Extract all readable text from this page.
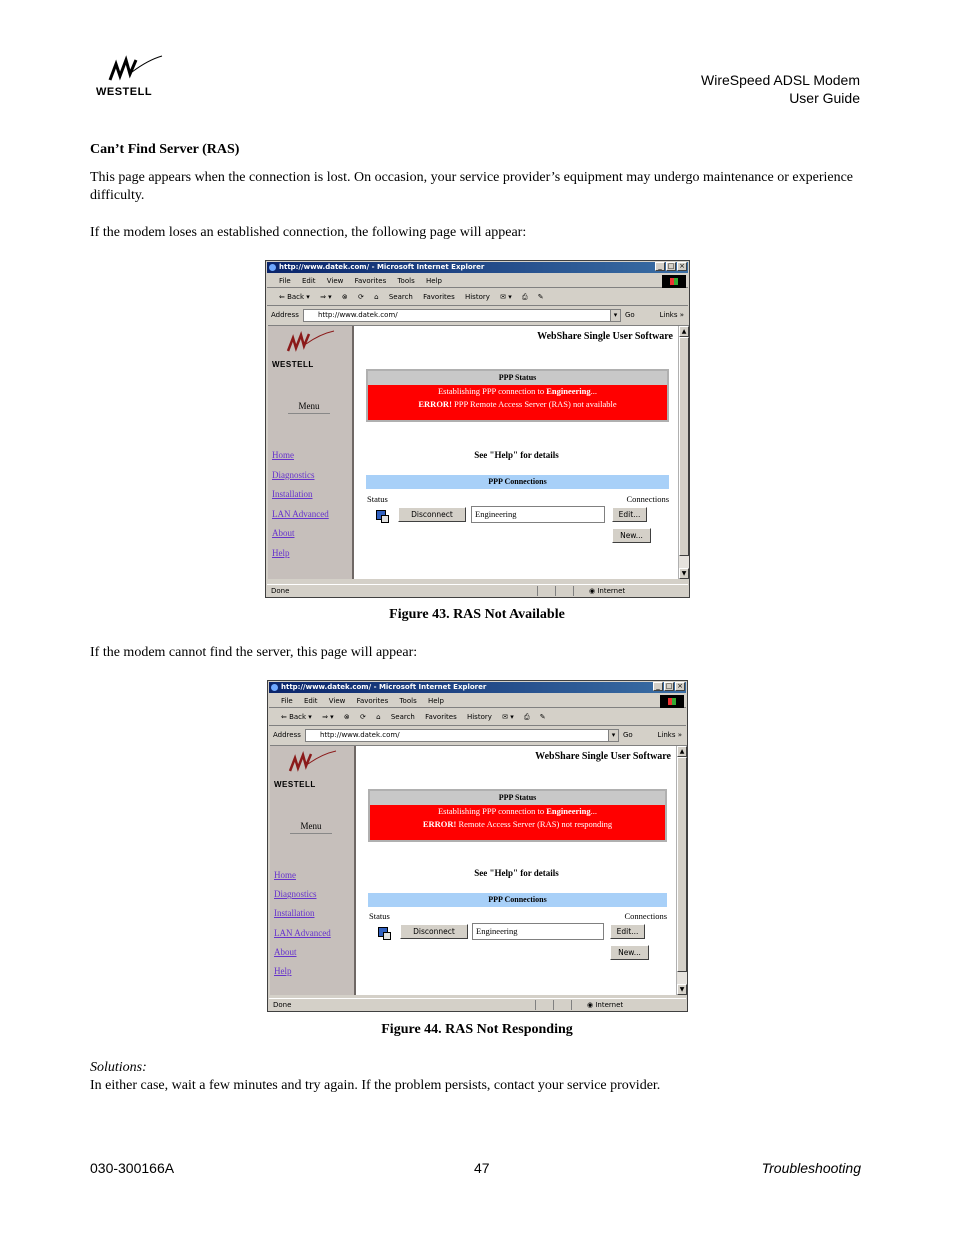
WESTELL
WireSpeed ADSL Modem
User Guide
Can’t Find Server (RAS)
This page appears when the connection is lost. On occasion, your service provider’s equipment may undergo maintenance or experience difficulty.
If the modem loses an established connection, the following page will appear:
http://www.datek.com/ - Microsoft Internet Explorer	_ □ ×
File Edit View Favorites Tools Help
⇐ Back ▾ ⇒ ▾ ⊗ ⟳ ⌂ Search Favorites History ✉ ▾ ⎙ ✎
Address	http://www.datek.com/	▾	Go	Links »
WESTELL
Menu
Home
Diagnostics
Installation
LAN Advanced
About
Help
WebShare Single User Software
PPP Status
Establishing PPP connection to Engineering...
ERROR! PPP Remote Access Server (RAS) not available
See "Help" for details
PPP Connections
Status	Connections
Disconnect	Engineering	Edit...
New...
▲
▼
Done	◉ Internet
Figure 43. RAS Not Available
If the modem cannot find the server, this page will appear:
http://www.datek.com/ - Microsoft Internet Explorer	_ □ ×
File Edit View Favorites Tools Help
⇐ Back ▾ ⇒ ▾ ⊗ ⟳ ⌂ Search Favorites History ✉ ▾ ⎙ ✎
Address	http://www.datek.com/	▾	Go	Links »
WESTELL
Menu
Home
Diagnostics
Installation
LAN Advanced
About
Help
WebShare Single User Software
PPP Status
Establishing PPP connection to Engineering...
ERROR! Remote Access Server (RAS) not responding
See "Help" for details
PPP Connections
Status	Connections
Disconnect	Engineering	Edit...
New...
▲
▼
Done	◉ Internet
Figure 44. RAS Not Responding
Solutions:
In either case, wait a few minutes and try again. If the problem persists, contact your service provider.
030-300166A	47	Troubleshooting
